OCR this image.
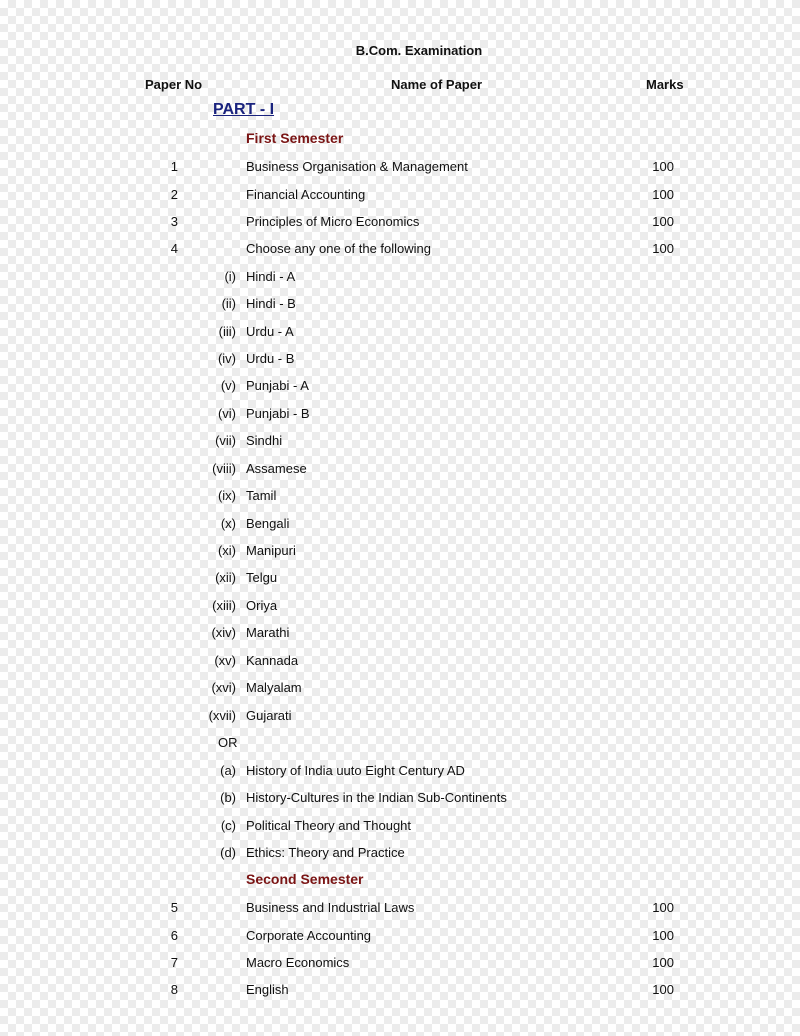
B.Com. Examination
Paper No	Name of Paper	Marks
PART - I
First Semester
1	Business Organisation & Management	100
2	Financial Accounting	100
3	Principles of Micro Economics	100
4	Choose any one of the following	100
(i) Hindi - A
(ii) Hindi - B
(iii) Urdu - A
(iv) Urdu - B
(v) Punjabi - A
(vi) Punjabi - B
(vii) Sindhi
(viii) Assamese
(ix) Tamil
(x) Bengali
(xi) Manipuri
(xii) Telgu
(xiii) Oriya
(xiv) Marathi
(xv) Kannada
(xvi) Malyalam
(xvii) Gujarati
OR
(a) History of India uuto Eight Century AD
(b) History-Cultures in the Indian Sub-Continents
(c) Political Theory and Thought
(d) Ethics: Theory and Practice
Second Semester
5	Business and Industrial Laws	100
6	Corporate Accounting	100
7	Macro Economics	100
8	English	100
